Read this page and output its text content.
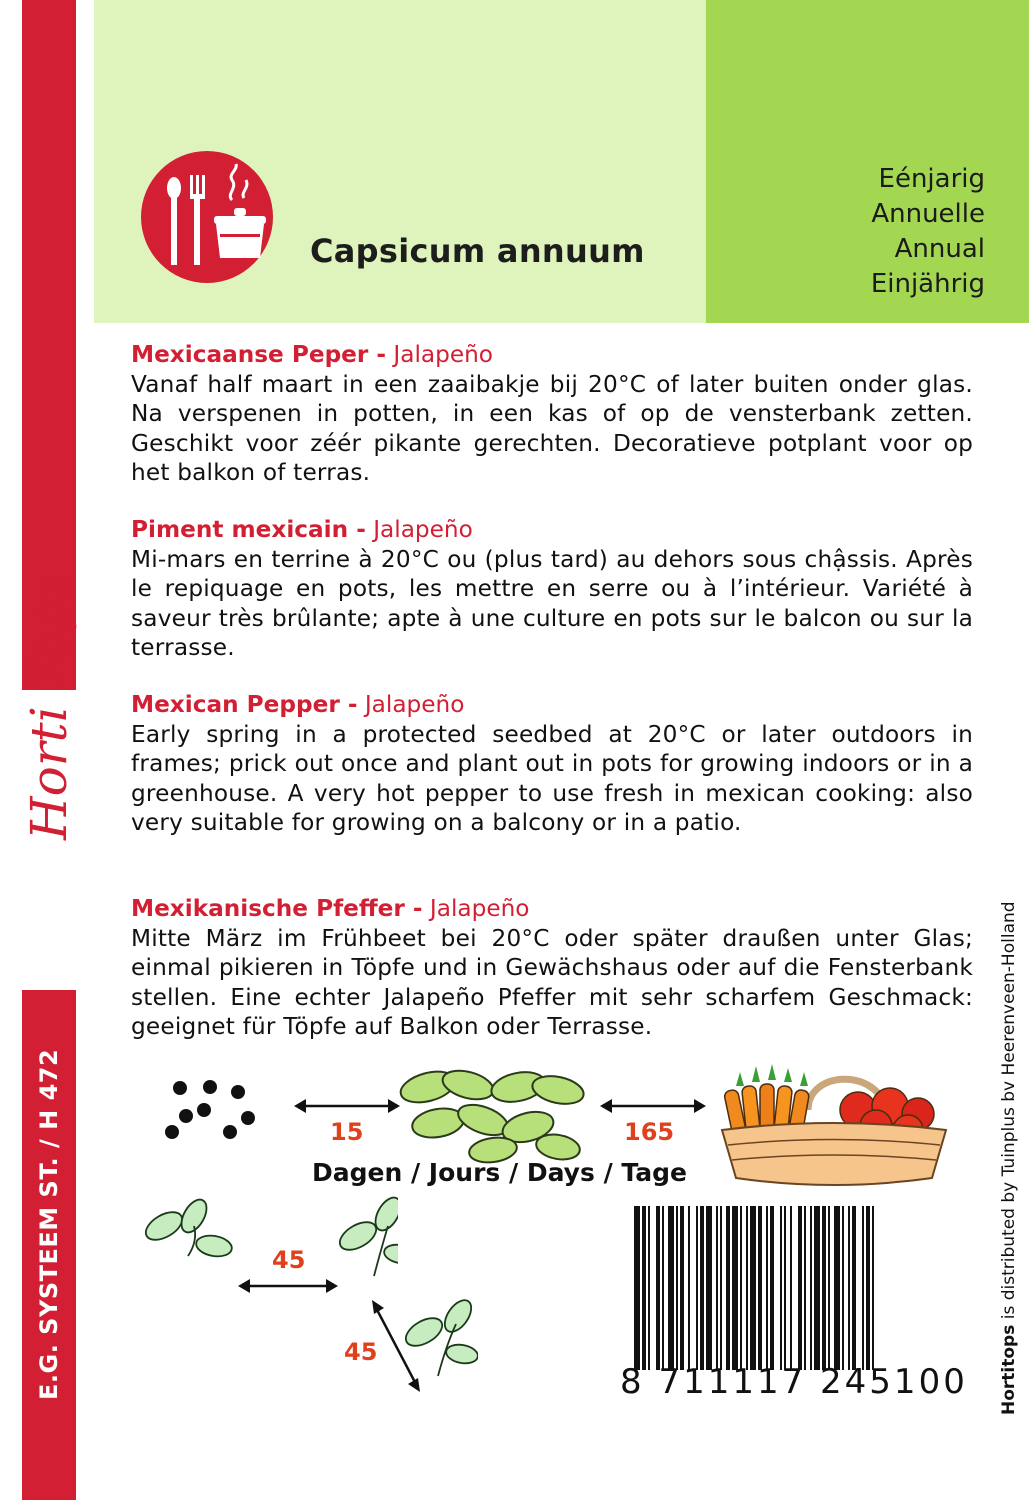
Horti Tops
E.G. SYSTEEM ST. / H 472
Capsicum annuum
Eénjarig
Annuelle
Annual
Einjährig
Mexicaanse Peper - Jalapeño
Vanaf half maart in een zaaibakje bij 20°C of later buiten onder glas. Na verspenen in potten, in een kas of op de vensterbank zetten. Geschikt voor zéér pikante gerechten. Decoratieve potplant voor op het balkon of terras.
Piment mexicain - Jalapeño
Mi-mars en terrine à 20°C ou (plus tard) au dehors sous chậssis. Après le repiquage en pots, les mettre en serre ou à l’intérieur. Variété à saveur très brûlante; apte à une culture en pots sur le balcon ou sur la terrasse.
Mexican Pepper - Jalapeño
Early spring in a protected seedbed at 20°C or later outdoors in frames; prick out once and plant out in pots for growing indoors or in a greenhouse. A very hot pepper to use fresh in mexican cooking: also very suitable for growing on a balcony or in a patio.
Mexikanische Pfeffer - Jalapeño
Mitte März im Frühbeet bei 20°C oder später draußen unter Glas; einmal pikieren in Töpfe und in Gewächshaus oder auf die Fensterbank stellen. Eine echter Jalapeño Pfeffer mit sehr scharfem Geschmack: geeignet für Töpfe auf Balkon oder Terrasse.
Hortitops is distributed by Tuinplus bv Heerenveen-Holland
15	165
Dagen / Jours / Days / Tage
45
45
8 711117 245100
